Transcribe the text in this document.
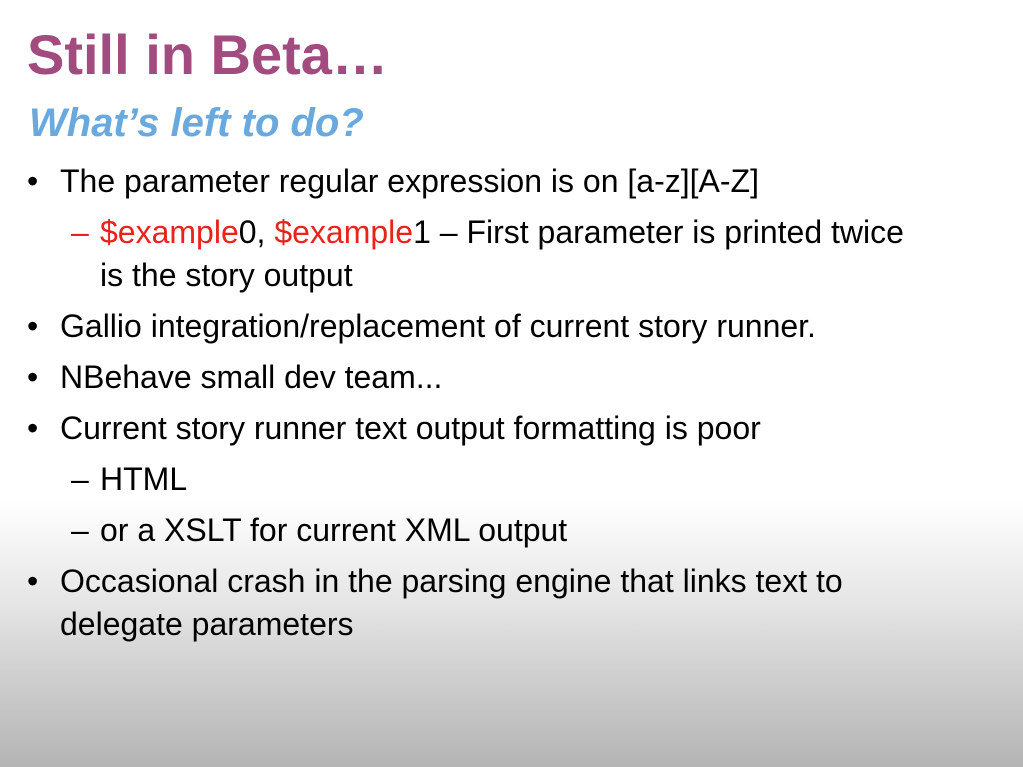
Still in Beta…
What’s left to do?
• The parameter regular expression is on [a-z][A-Z]
– $example0, $example1 – First parameter is printed twice is the story output
• Gallio integration/replacement of current story runner.
• NBehave small dev team...
• Current story runner text output formatting is poor
– HTML
– or a XSLT for current XML output
• Occasional crash in the parsing engine that links text to delegate parameters
